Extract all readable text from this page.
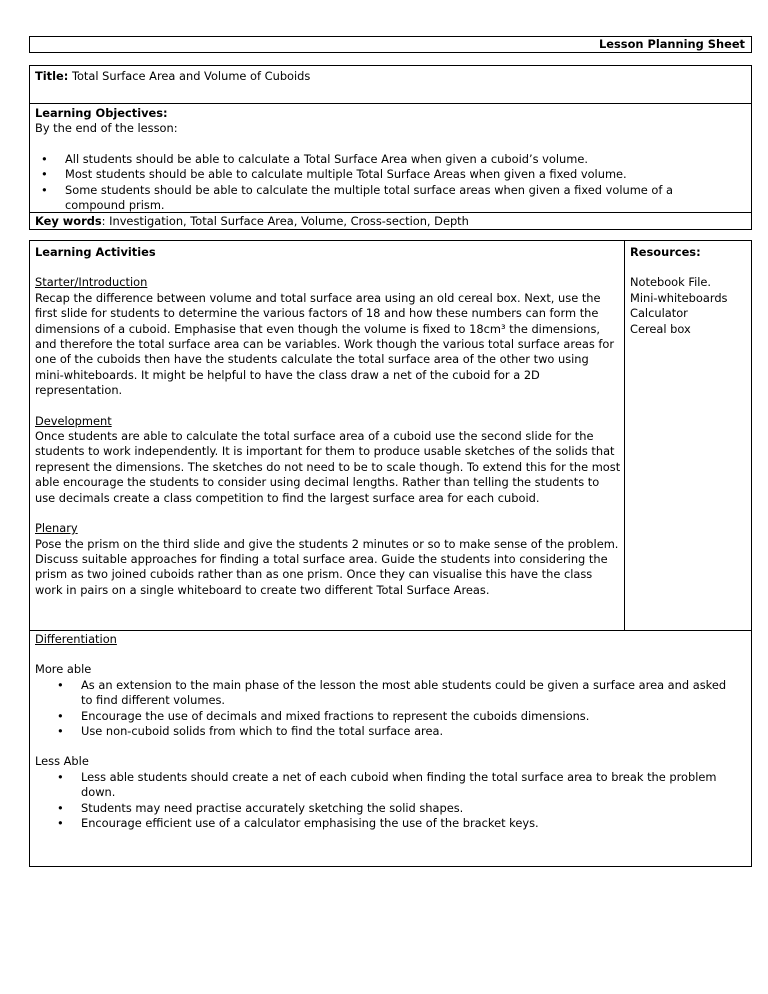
Lesson Planning Sheet
Title: Total Surface Area and Volume of Cuboids

Learning Objectives:

By the end of the lesson:

• All students should be able to calculate a Total Surface Area when given a cuboid’s volume.
• Most students should be able to calculate multiple Total Surface Areas when given a fixed volume.
• Some students should be able to calculate the multiple total surface areas when given a fixed volume of a compound prism.
Key words: Investigation, Total Surface Area, Volume, Cross-section, Depth

Learning Activities

Starter/Introduction

Recap the difference between volume and total surface area using an old cereal box. Next, use the first slide for students to determine the various factors of 18 and how these numbers can form the dimensions of a cuboid. Emphasise that even though the volume is fixed to 18cm³ the dimensions, and therefore the total surface area can be variables. Work though the various total surface areas for one of the cuboids then have the students calculate the total surface area of the other two using mini-whiteboards. It might be helpful to have the class draw a net of the cuboid for a 2D representation.

Development

Once students are able to calculate the total surface area of a cuboid use the second slide for the students to work independently. It is important for them to produce usable sketches of the solids that represent the dimensions. The sketches do not need to be to scale though. To extend this for the most able encourage the students to consider using decimal lengths. Rather than telling the students to use decimals create a class competition to find the largest surface area for each cuboid.

Plenary

Pose the prism on the third slide and give the students 2 minutes or so to make sense of the problem. Discuss suitable approaches for finding a total surface area. Guide the students into considering the prism as two joined cuboids rather than as one prism. Once they can visualise this have the class work in pairs on a single whiteboard to create two different Total Surface Areas.

Resources:

Notebook File.

Mini-whiteboards

Calculator

Cereal box

Differentiation

More able

• As an extension to the main phase of the lesson the most able students could be given a surface area and asked to find different volumes.
• Encourage the use of decimals and mixed fractions to represent the cuboids dimensions.
• Use non-cuboid solids from which to find the total surface area.

Less Able

• Less able students should create a net of each cuboid when finding the total surface area to break the problem down.
• Students may need practise accurately sketching the solid shapes.
• Encourage efficient use of a calculator emphasising the use of the bracket keys.
